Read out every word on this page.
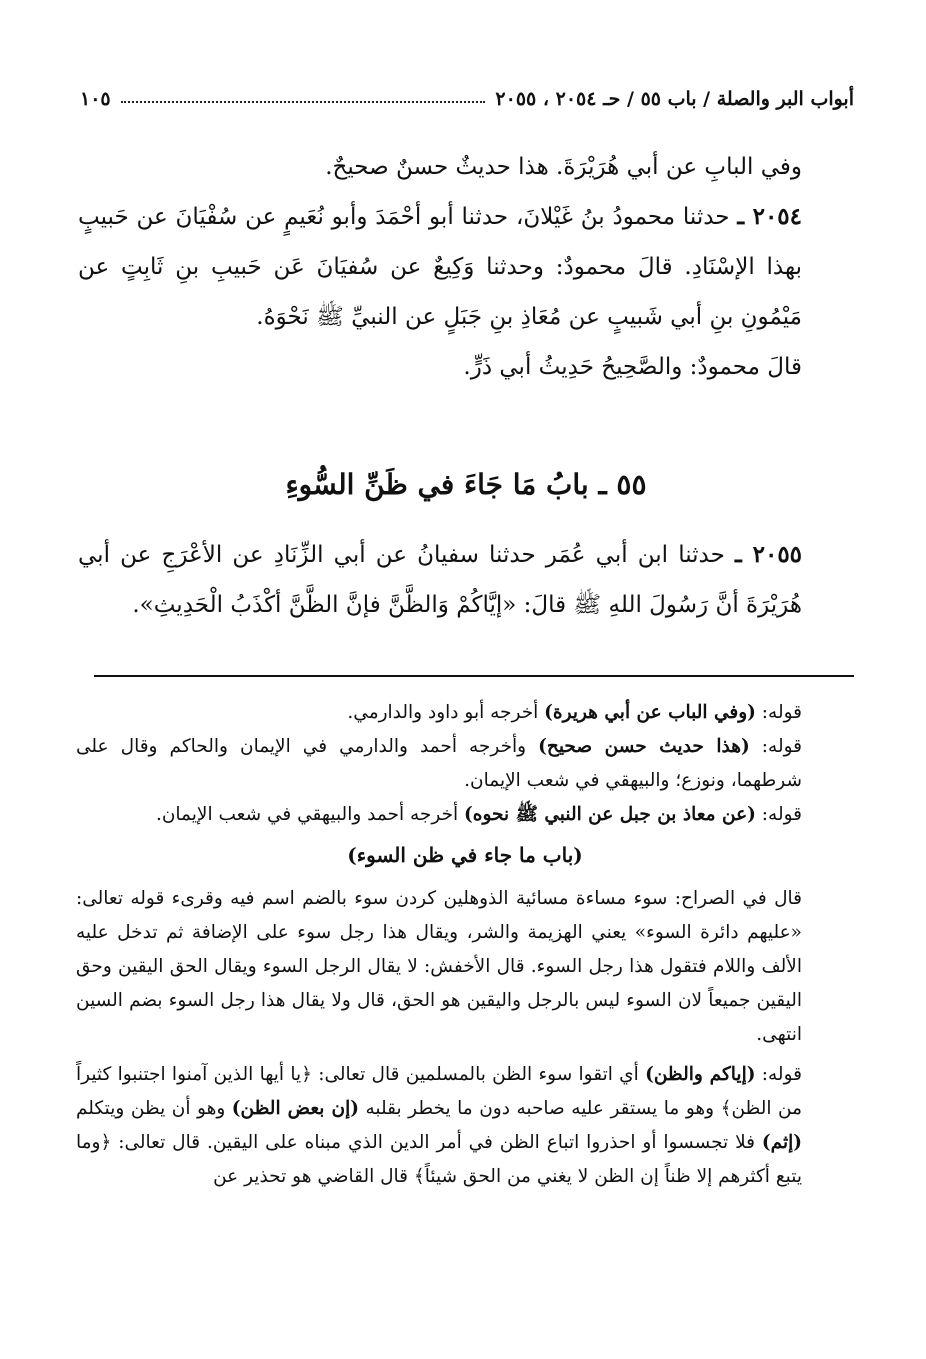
أبواب البر والصلة / باب ٥٥ / حـ ٢٠٥٤ ، ٢٠٥٥
١٠٥

وفي البابِ عن أبي هُرَيْرَةَ. هذا حديثٌ حسنٌ صحيحٌ.

٢٠٥٤ ـ حدثنا محمودُ بنُ غَيْلانَ، حدثنا أبو أحْمَدَ وأبو نُعَيمٍ عن سُفْيَانَ عن حَبيبٍ بهذا الإسْنَادِ. قالَ محمودٌ: وحدثنا وَكِيعٌ عن سُفيَانَ عَن حَبيبِ بنِ ثَابِتٍ عن مَيْمُونِ بنِ أبي شَبيبٍ عن مُعَاذِ بنِ جَبَلٍ عن النبيِّ ﷺ نَحْوَهُ.

قالَ محمودٌ: والصَّحِيحُ حَدِيثُ أبي ذَرٍّ.

٥٥ ـ بابُ مَا جَاءَ في ظَنِّ السُّوءِ

٢٠٥٥ ـ حدثنا ابن أبي عُمَر حدثنا سفيانُ عن أبي الزِّنَادِ عن الأعْرَجِ عن أبي هُرَيْرَةَ أنَّ رَسُولَ اللهِ ﷺ قالَ: «إيَّاكُمْ وَالظَّنَّ فإنَّ الظَّنَّ أكْذَبُ الْحَدِيثِ».

قوله: (وفي الباب عن أبي هريرة) أخرجه أبو داود والدارمي.

قوله: (هذا حديث حسن صحيح) وأخرجه أحمد والدارمي في الإيمان والحاكم وقال على شرطهما، ونوزع؛ والبيهقي في شعب الإيمان.

قوله: (عن معاذ بن جبل عن النبي ﷺ نحوه) أخرجه أحمد والبيهقي في شعب الإيمان.

(باب ما جاء في ظن السوء)

قال في الصراح: سوء مساءة مسائية الذوهلين كردن سوء بالضم اسم فيه وقرىء قوله تعالى: «عليهم دائرة السوء» يعني الهزيمة والشر، ويقال هذا رجل سوء على الإضافة ثم تدخل عليه الألف واللام فتقول هذا رجل السوء. قال الأخفش: لا يقال الرجل السوء ويقال الحق اليقين وحق اليقين جميعاً لان السوء ليس بالرجل واليقين هو الحق، قال ولا يقال هذا رجل السوء بضم السين انتهى.

قوله: (إياكم والظن) أي اتقوا سوء الظن بالمسلمين قال تعالى: ﴿يا أيها الذين آمنوا اجتنبوا كثيراً من الظن﴾ وهو ما يستقر عليه صاحبه دون ما يخطر بقلبه (إن بعض الظن) وهو أن يظن ويتكلم (إثم) فلا تجسسوا أو احذروا اتباع الظن في أمر الدين الذي مبناه على اليقين. قال تعالى: ﴿وما يتبع أكثرهم إلا ظناً إن الظن لا يغني من الحق شيئاً﴾ قال القاضي هو تحذير عن
